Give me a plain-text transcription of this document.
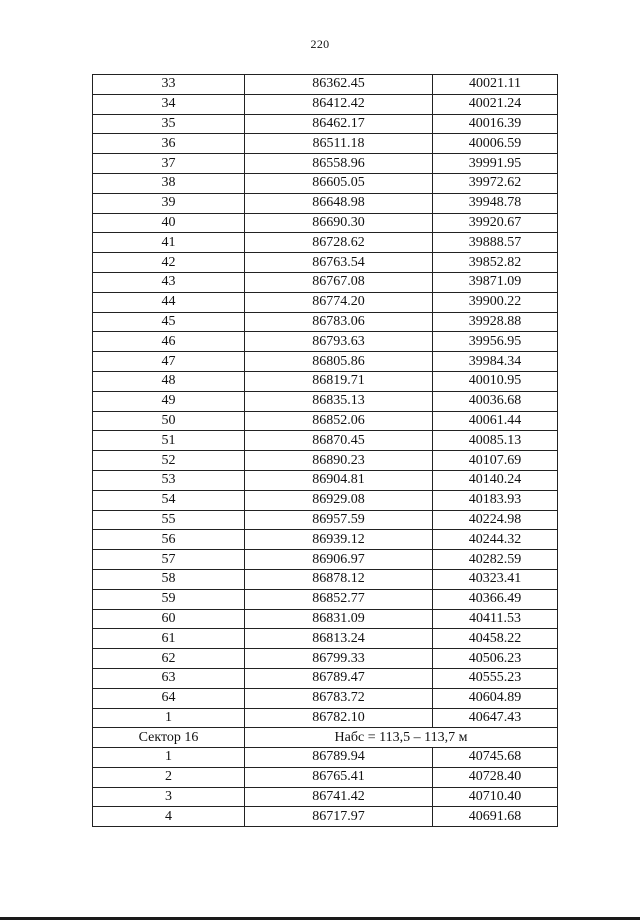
220
33	86362.45	40021.11
34	86412.42	40021.24
35	86462.17	40016.39
36	86511.18	40006.59
37	86558.96	39991.95
38	86605.05	39972.62
39	86648.98	39948.78
40	86690.30	39920.67
41	86728.62	39888.57
42	86763.54	39852.82
43	86767.08	39871.09
44	86774.20	39900.22
45	86783.06	39928.88
46	86793.63	39956.95
47	86805.86	39984.34
48	86819.71	40010.95
49	86835.13	40036.68
50	86852.06	40061.44
51	86870.45	40085.13
52	86890.23	40107.69
53	86904.81	40140.24
54	86929.08	40183.93
55	86957.59	40224.98
56	86939.12	40244.32
57	86906.97	40282.59
58	86878.12	40323.41
59	86852.77	40366.49
60	86831.09	40411.53
61	86813.24	40458.22
62	86799.33	40506.23
63	86789.47	40555.23
64	86783.72	40604.89
1	86782.10	40647.43
Сектор 16	Набс = 113,5 – 113,7 м	
1	86789.94	40745.68
2	86765.41	40728.40
3	86741.42	40710.40
4	86717.97	40691.68
